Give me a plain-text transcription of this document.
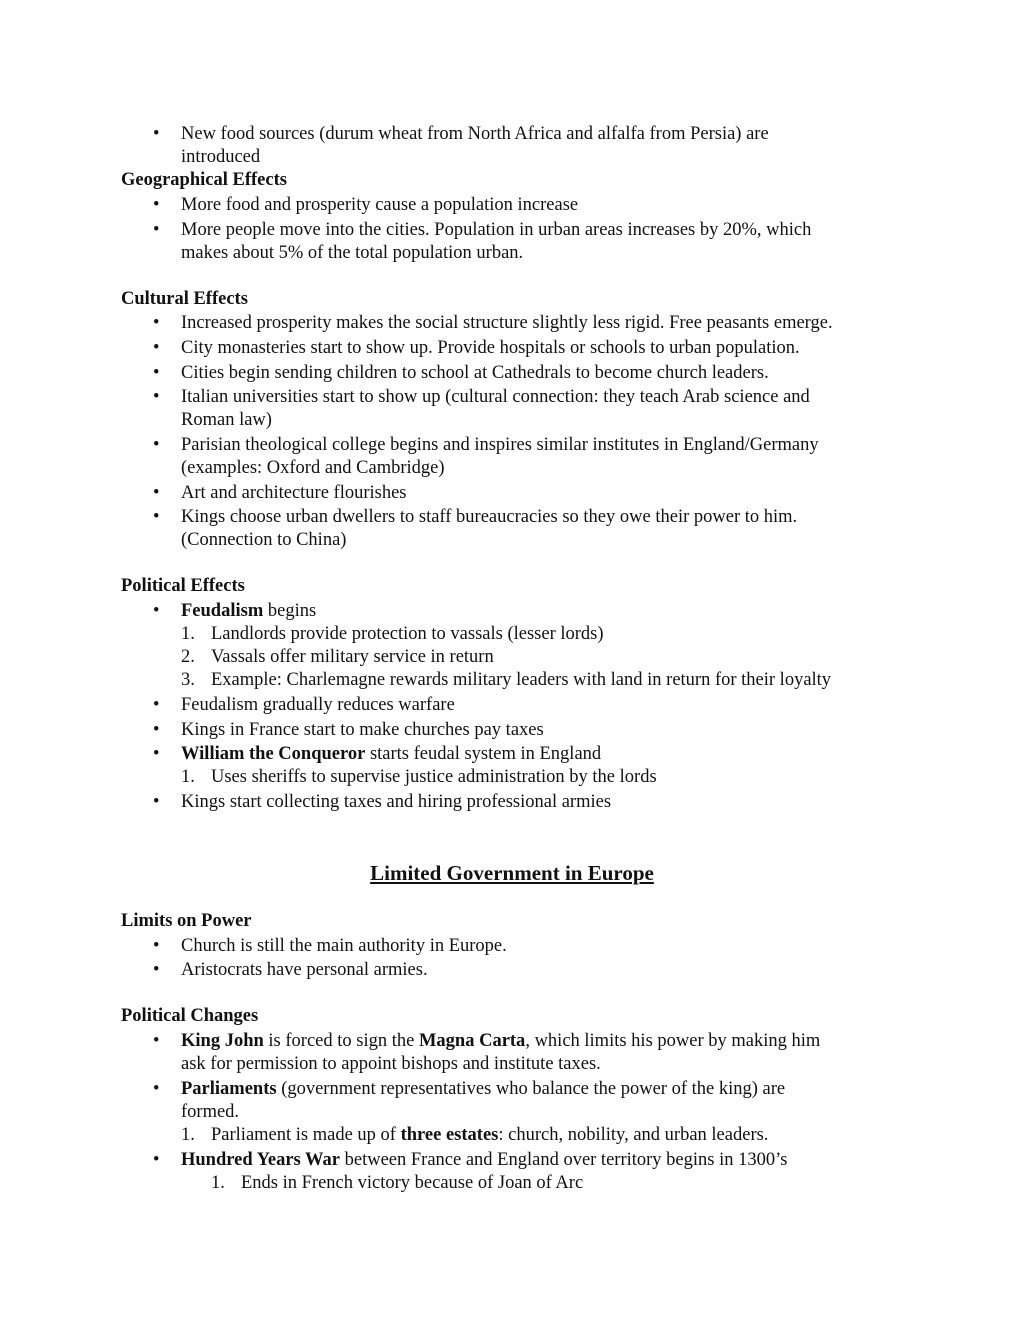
• New food sources (durum wheat from North Africa and alfalfa from Persia) are
introduced
Geographical Effects
• More food and prosperity cause a population increase
• More people move into the cities. Population in urban areas increases by 20%, which
makes about 5% of the total population urban.
Cultural Effects
• Increased prosperity makes the social structure slightly less rigid. Free peasants emerge.
• City monasteries start to show up. Provide hospitals or schools to urban population.
• Cities begin sending children to school at Cathedrals to become church leaders.
• Italian universities start to show up (cultural connection: they teach Arab science and
Roman law)
• Parisian theological college begins and inspires similar institutes in England/Germany
(examples: Oxford and Cambridge)
• Art and architecture flourishes
• Kings choose urban dwellers to staff bureaucracies so they owe their power to him.
(Connection to China)
Political Effects
• Feudalism begins
1. Landlords provide protection to vassals (lesser lords)
2. Vassals offer military service in return
3. Example: Charlemagne rewards military leaders with land in return for their loyalty
• Feudalism gradually reduces warfare
• Kings in France start to make churches pay taxes
• William the Conqueror starts feudal system in England
1. Uses sheriffs to supervise justice administration by the lords
• Kings start collecting taxes and hiring professional armies
Limited Government in Europe
Limits on Power
• Church is still the main authority in Europe.
• Aristocrats have personal armies.
Political Changes
• King John is forced to sign the Magna Carta, which limits his power by making him
ask for permission to appoint bishops and institute taxes.
• Parliaments (government representatives who balance the power of the king) are
formed.
1. Parliament is made up of three estates: church, nobility, and urban leaders.
• Hundred Years War between France and England over territory begins in 1300’s
1. Ends in French victory because of Joan of Arc
